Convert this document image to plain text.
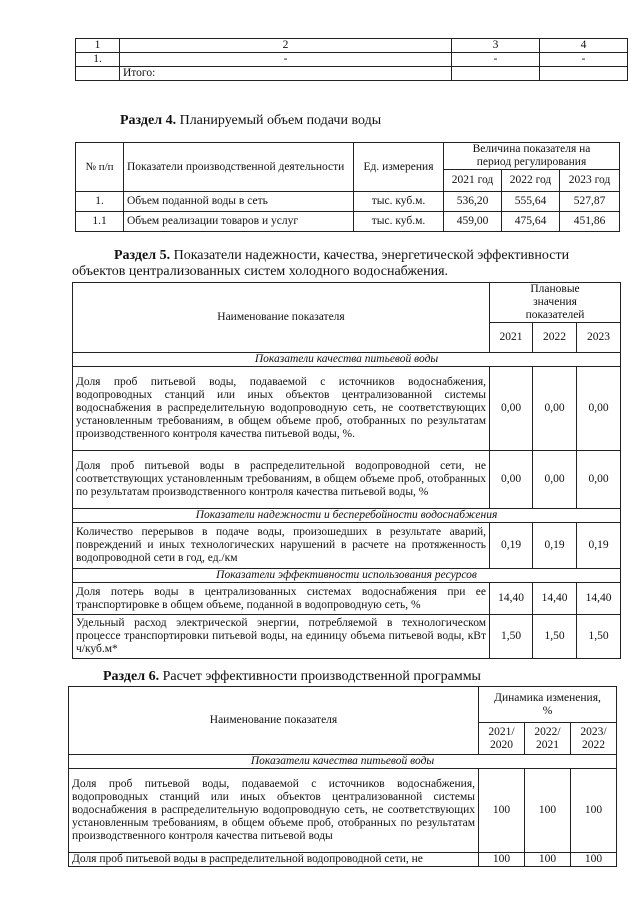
1	2	3	4
1.	-	-	-
	Итого:		
Раздел 4. Планируемый объем подачи воды
№ п/п	Показатели производственной деятельности	Ед. измерения	Величина показателя на период регулирования		
			2021 год	2022 год	2023 год
1.	Объем поданной воды в сеть	тыс. куб.м.	536,20	555,64	527,87
1.1	Объем реализации товаров и услуг	тыс. куб.м.	459,00	475,64	451,86
Раздел 5. Показатели надежности, качества, энергетической эффективности объектов централизованных систем холодного водоснабжения.
Наименование показателя	Плановые значения показателей		
	2021	2022	2023
Показатели качества питьевой воды			
Доля проб питьевой воды, подаваемой с источников водоснабжения, водопроводных станций или иных объектов централизованной системы водоснабжения в распределительную водопроводную сеть, не соответствующих установленным требованиям, в общем объеме проб, отобранных по результатам производственного контроля качества питьевой воды, %.	0,00	0,00	0,00
Доля проб питьевой воды в распределительной водопроводной сети, не соответствующих установленным требованиям, в общем объеме проб, отобранных по результатам производственного контроля качества питьевой воды, %	0,00	0,00	0,00
Показатели надежности и бесперебойности водоснабжения			
Количество перерывов в подаче воды, произошедших в результате аварий, повреждений и иных технологических нарушений в расчете на протяженность водопроводной сети в год, ед./км	0,19	0,19	0,19
Показатели эффективности использования ресурсов			
Доля потерь воды в централизованных системах водоснабжения при ее транспортировке в общем объеме, поданной в водопроводную сеть, %	14,40	14,40	14,40
Удельный расход электрической энергии, потребляемой в технологическом процессе транспортировки питьевой воды, на единицу объема питьевой воды, кВт ч/куб.м*	1,50	1,50	1,50
Раздел 6. Расчет эффективности производственной программы
Наименование показателя	Динамика изменения, %		
	2021/ 2020	2022/ 2021	2023/ 2022
Показатели качества питьевой воды			
Доля проб питьевой воды, подаваемой с источников водоснабжения, водопроводных станций или иных объектов централизованной системы водоснабжения в распределительную водопроводную сеть, не соответствующих установленным требованиям, в общем объеме проб, отобранных по результатам производственного контроля качества питьевой воды	100	100	100
Доля проб питьевой воды в распределительной водопроводной сети, не	100	100	100
